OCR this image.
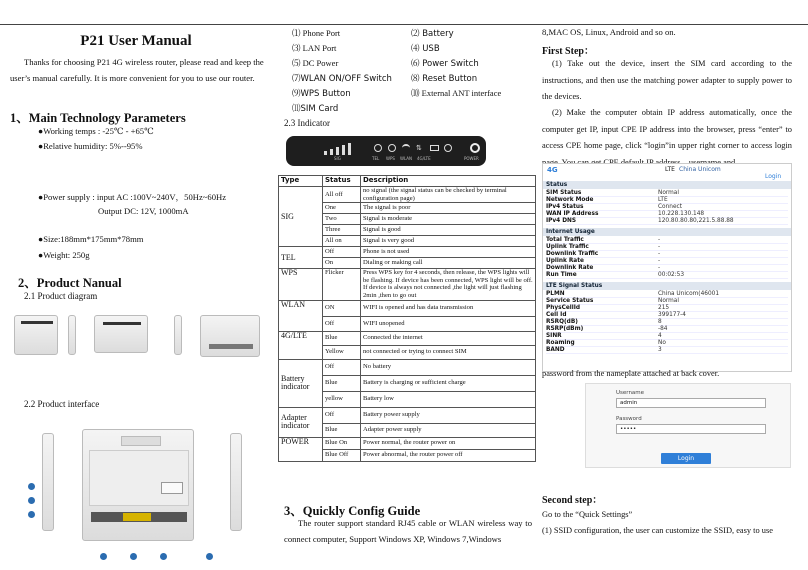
P21 User Manual
Thanks for choosing P21 4G wireless router, please read and keep the user’s manual carefully. It is more convenient for you to use our router.
1、Main Technology Parameters
●Working temps : -25℃ - +65℃
●Relative humidity: 5%--95%
●Power supply : input AC :100V~240V，50Hz~60Hz
Output DC: 12V, 1000mA
●Size:188mm*175mm*78mm
●Weight: 250g
2、Product Nanual
2.1 Product diagram
2.2 Product interface
⑴ Phone Port	⑵ Battery
⑶ LAN Port	⑷ USB
⑸ DC Power	⑹ Power Switch
⑺WLAN ON/OFF Switch ⑻ Reset Button
⑼WPS Button	⑽ External ANT interface
⑾SIM Card
2.3 Indicator
⇅
SIG	TEL WPS WLAN 4G/LTE	POWER
Type	Status	Description
SIG	All off	no signal (the signal status can be checked by terminal configuration page)
	One	The signal is poor
	Two	Signal is moderate
	Three	Signal is good
	All on	Signal is very good
TEL	Off	Phone is not used
	On	Dialing or making call
WPS	Flicker	Press WPS key for 4 seconds, then release, the WPS lights will be flashing. If device has been connected, WPS light will be off. If device is always not connected ,the light will just flashing 2min ,then to go out
WLAN	ON	WIFI is opened and has data transmission
	Off	WIFI unopened
4G/LTE	Blue	Connected the internet
	Yellow	not connected or trying to connect SIM
Battery indicator	Off	No battery
	Blue	Battery is charging or sufficient charge
	yellow	Battery low
Adapter indicator	Off	Battery power supply
	Blue	Adapter power supply
POWER	Blue On	Power normal, the router power on
	Blue Off	Power abnormal, the router power off
3、Quickly Config Guide
The router support standard RJ45 cable or WLAN wireless way to connect computer, Support Windows XP, Windows 7,Windows
8,MAC OS, Linux, Android and so on.
First Step：
(1) Take out the device, insert the SIM card according to the instructions, and then use the matching power adapter to supply power to the devices.
(2) Make the computer obtain IP address automatically, once the computer get IP, input CPE IP address into the browser, press “enter” to access CPE home page, click “login”in upper right corner to access login
4G	LTE China Unicom
Login
Status
SIM Status	Normal
Network Mode	LTE
IPv4 Status	Connect
WAN IP Address	10.228.130.148
IPv4 DNS	120.80.80.80,221.5.88.88
Internet Usage
Total Traffic	-
Uplink Traffic	-
Downlink Traffic	-
Uplink Rate	-
Downlink Rate	-
Run Time	00:02:53
LTE Signal Status
PLMN	China Unicom(46001
Service Status	Normal
PhysCellId	215
Cell Id	399177-4
RSRQ(dB)	8
RSRP(dBm)	-84
SINR	4
Roaming	No
BAND	3
password from the nameplate attached at back cover.
Username
admin
Password
•••••
Login
Second step：
Go to the “Quick Settings”
(1) SSID configuration, the user can customize the SSID, easy to use
